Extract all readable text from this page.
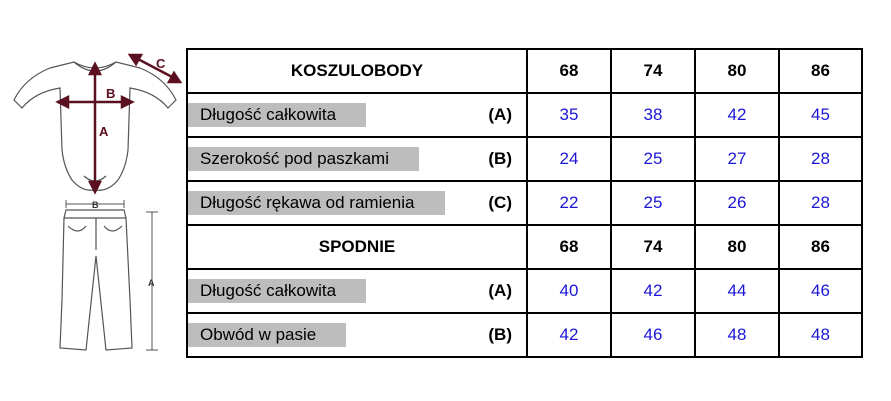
B
A
C
B
A
KOSZULOBODY	68	74	80	86

Długość całkowita (A)	35	38	42	45

Szerokość pod paszkami (B)	24	25	27	28

Długość rękawa od ramienia (C)	22	25	26	28
SPODNIE	68	74	80	86

Długość całkowita (A)	40	42	44	46

Obwód w pasie (B)	42	46	48	48
